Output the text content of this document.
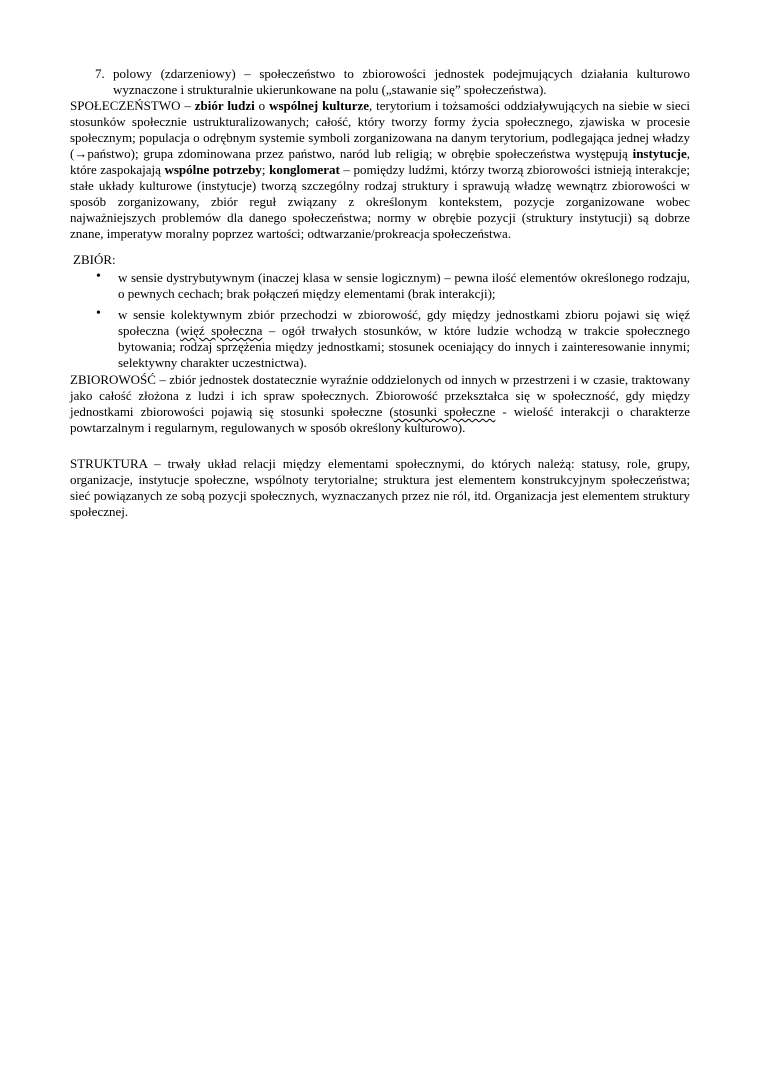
7. polowy (zdarzeniowy) – społeczeństwo to zbiorowości jednostek podejmujących działania kulturowo wyznaczone i strukturalnie ukierunkowane na polu („stawanie się” społeczeństwa).

SPOŁECZEŃSTWO – zbiór ludzi o wspólnej kulturze, terytorium i tożsamości oddziaływujących na siebie w sieci stosunków społecznie ustrukturalizowanych; całość, który tworzy formy życia społecznego, zjawiska w procesie społecznym; populacja o odrębnym systemie symboli zorganizowana na danym terytorium, podlegająca jednej władzy (→państwo); grupa zdominowana przez państwo, naród lub religią; w obrębie społeczeństwa występują instytucje, które zaspokajają wspólne potrzeby; konglomerat – pomiędzy ludźmi, którzy tworzą zbiorowości istnieją interakcje; stałe układy kulturowe (instytucje) tworzą szczególny rodzaj struktury i sprawują władzę wewnątrz zbiorowości w sposób zorganizowany, zbiór reguł związany z określonym kontekstem, pozycje zorganizowane wobec najważniejszych problemów dla danego społeczeństwa; normy w obrębie pozycji (struktury instytucji) są dobrze znane, imperatyw moralny poprzez wartości; odtwarzanie/prokreacja społeczeństwa.

ZBIÓR:

• w sensie dystrybutywnym (inaczej klasa w sensie logicznym) – pewna ilość elementów określonego rodzaju, o pewnych cechach; brak połączeń między elementami (brak interakcji);
• w sensie kolektywnym zbiór przechodzi w zbiorowość, gdy między jednostkami zbioru pojawi się więź społeczna (więź społeczna – ogół trwałych stosunków, w które ludzie wchodzą w trakcie społecznego bytowania; rodzaj sprzężenia między jednostkami; stosunek oceniający do innych i zainteresowanie innymi; selektywny charakter uczestnictwa).

ZBIOROWOŚĆ – zbiór jednostek dostatecznie wyraźnie oddzielonych od innych w przestrzeni i w czasie, traktowany jako całość złożona z ludzi i ich spraw społecznych. Zbiorowość przekształca się w społeczność, gdy między jednostkami zbiorowości pojawią się stosunki społeczne (stosunki społeczne - wielość interakcji o charakterze powtarzalnym i regularnym, regulowanych w sposób określony kulturowo).

STRUKTURA – trwały układ relacji między elementami społecznymi, do których należą: statusy, role, grupy, organizacje, instytucje społeczne, wspólnoty terytorialne; struktura jest elementem konstrukcyjnym społeczeństwa; sieć powiązanych ze sobą pozycji społecznych, wyznaczanych przez nie ról, itd. Organizacja jest elementem struktury społecznej.
